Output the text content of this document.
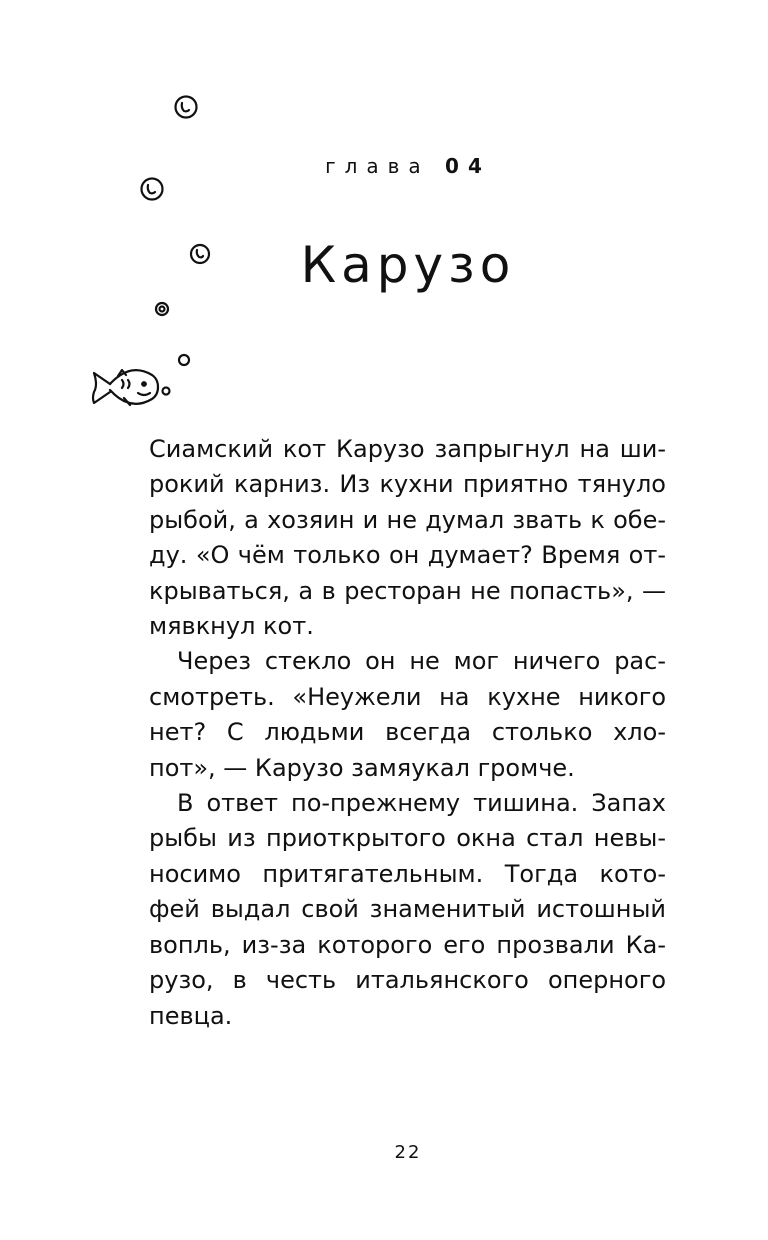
глава 04
Карузо

Сиамский кот Карузо запрыгнул на ши-
рокий карниз. Из кухни приятно тянуло
рыбой, а хозяин и не думал звать к обе-
ду. «О чём только он думает? Время от-
крываться, а в ресторан не попасть», —
мявкнул кот.

Через стекло он не мог ничего рас-
смотреть. «Неужели на кухне никого
нет? С людьми всегда столько хло-
пот», — Карузо замяукал громче.

В ответ по-прежнему тишина. Запах
рыбы из приоткрытого окна стал невы-
носимо притягательным. Тогда кото-
фей выдал свой знаменитый истошный
вопль, из-за которого его прозвали Ка-
рузо, в честь итальянского оперного
певца.

22
